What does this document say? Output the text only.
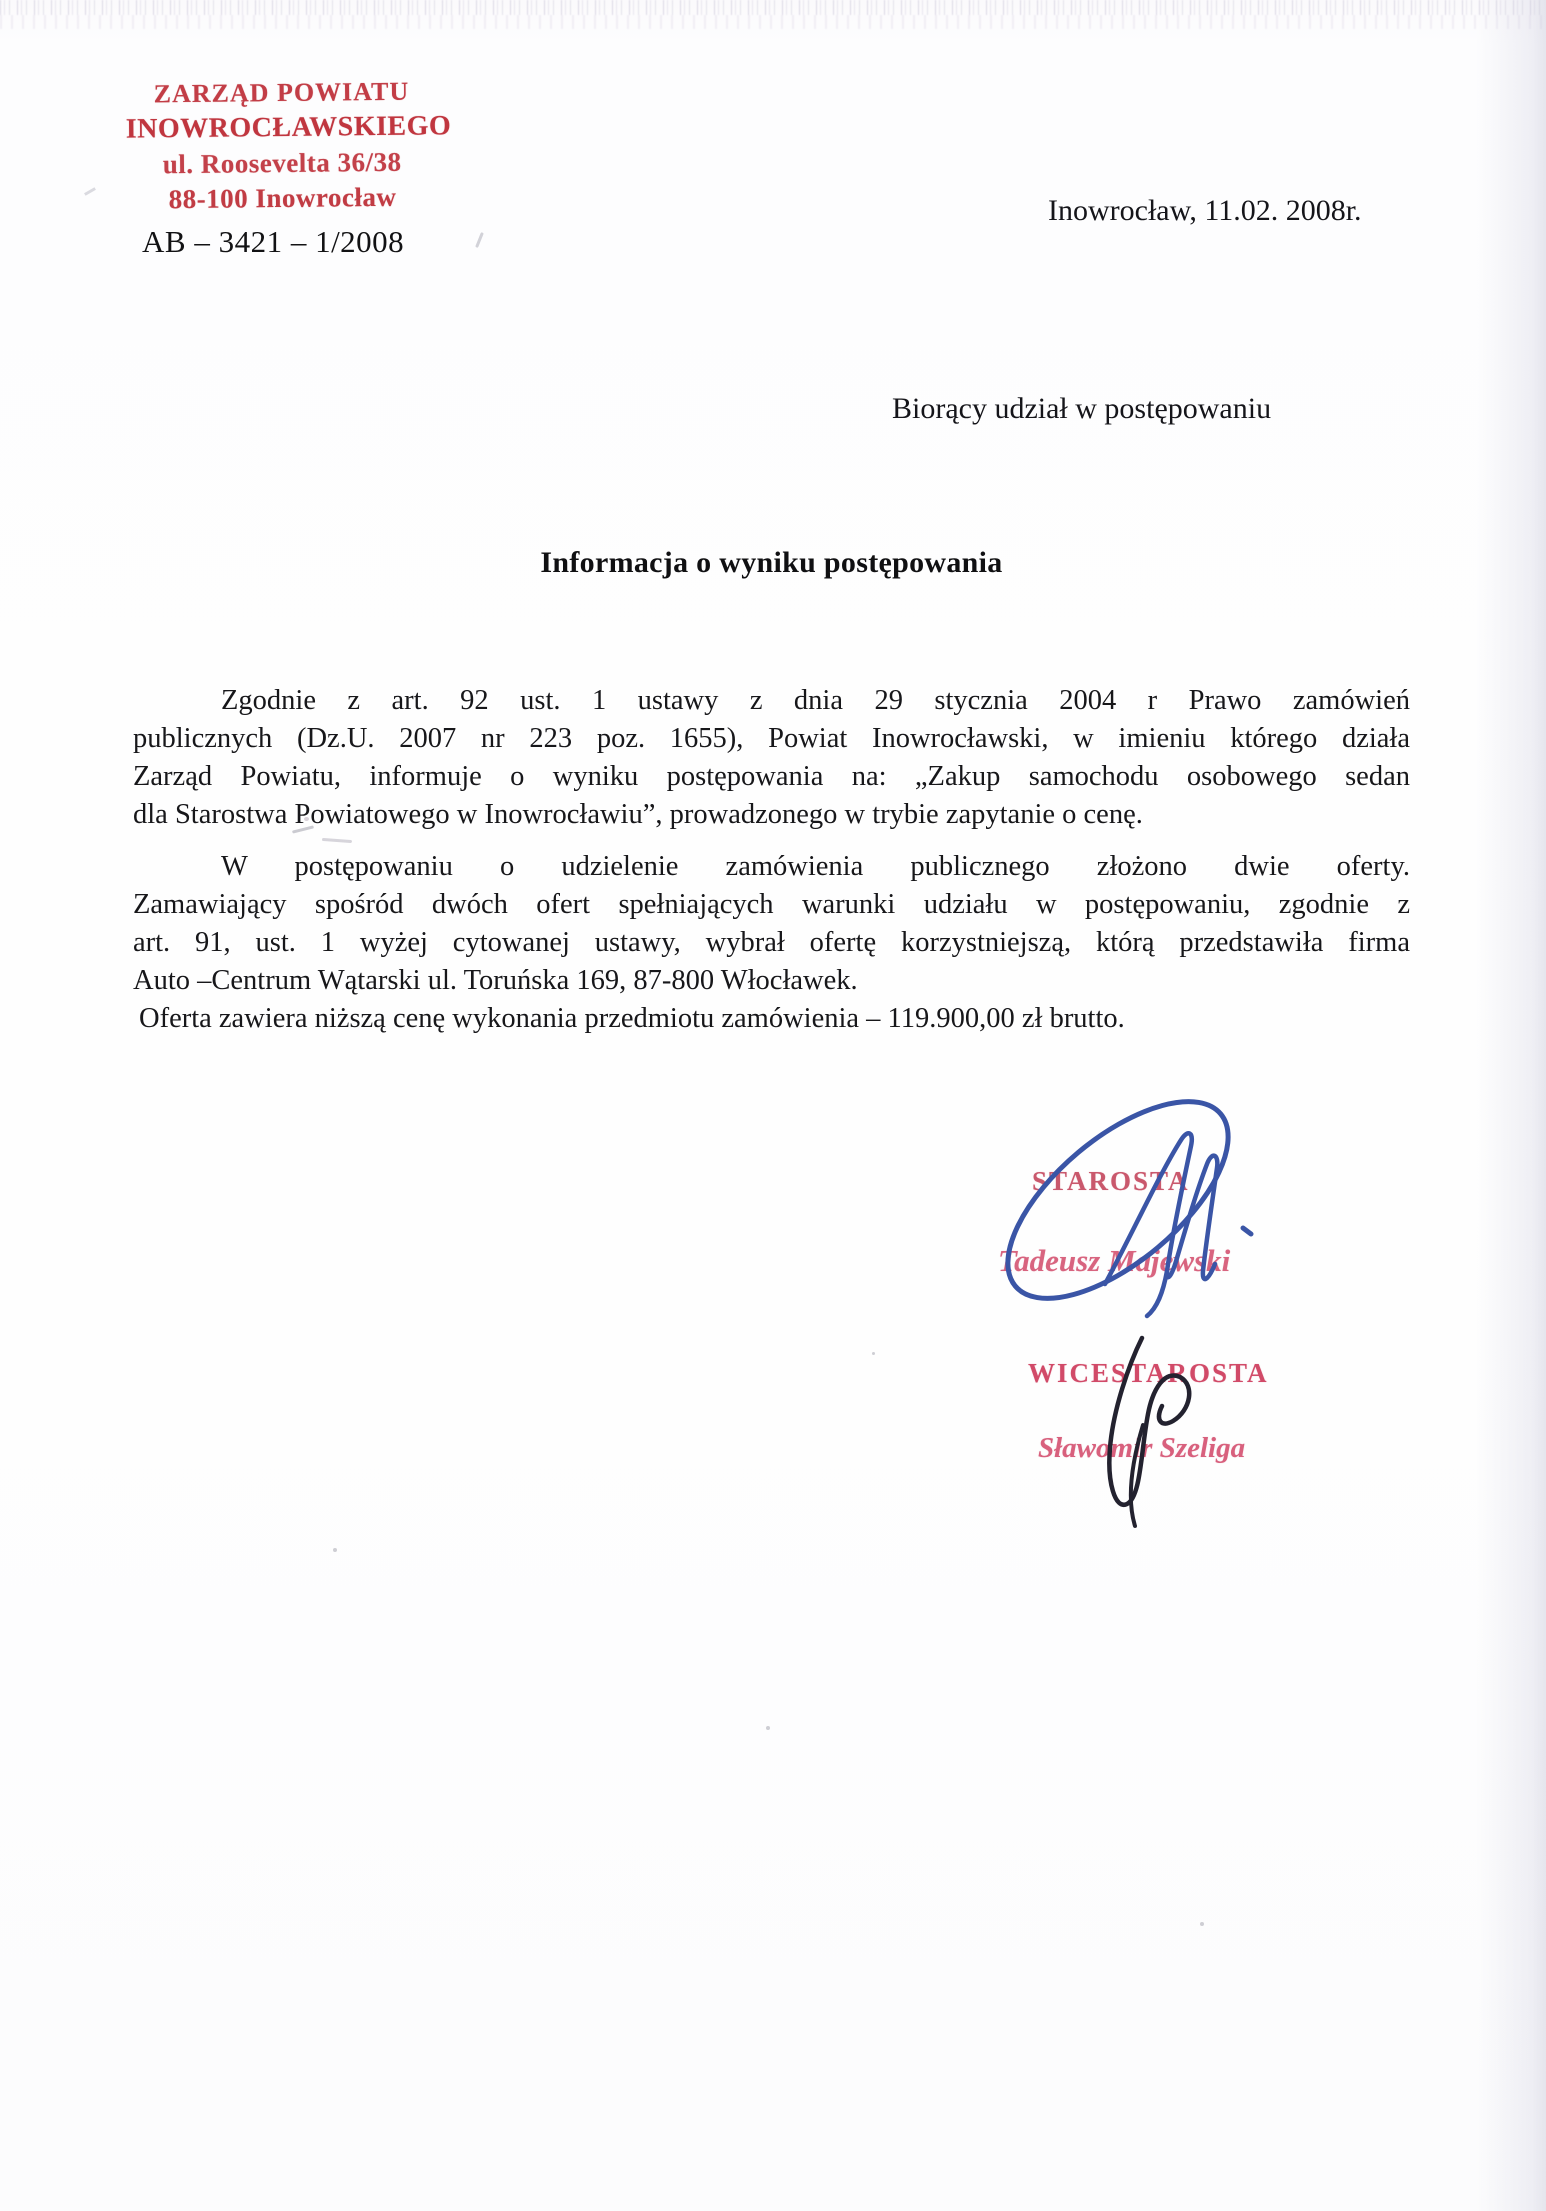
ZARZĄD POWIATU
INOWROCŁAWSKIEGO
ul. Roosevelta 36/38
88-100 Inowrocław
AB – 3421 – 1/2008
Inowrocław, 11.02. 2008r.
Biorący udział w postępowaniu
Informacja o wyniku postępowania
Zgodnie z art. 92 ust. 1 ustawy z dnia 29 stycznia 2004 r Prawo zamówień
publicznych (Dz.U. 2007 nr 223 poz. 1655), Powiat Inowrocławski, w imieniu którego działa
Zarząd Powiatu, informuje o wyniku postępowania na: „Zakup samochodu osobowego sedan
dla Starostwa Powiatowego w Inowrocławiu”, prowadzonego w trybie zapytanie o cenę.
W postępowaniu o udzielenie zamówienia publicznego złożono dwie oferty.
Zamawiający spośród dwóch ofert spełniających warunki udziału w postępowaniu, zgodnie z
art. 91, ust. 1 wyżej cytowanej ustawy, wybrał ofertę korzystniejszą, którą przedstawiła firma
Auto –Centrum Wątarski ul. Toruńska 169, 87-800 Włocławek.
Oferta zawiera niższą cenę wykonania przedmiotu zamówienia – 119.900,00 zł brutto.
STAROSTA
Tadeusz Majewski
WICESTAROSTA
Sławomir Szeliga
